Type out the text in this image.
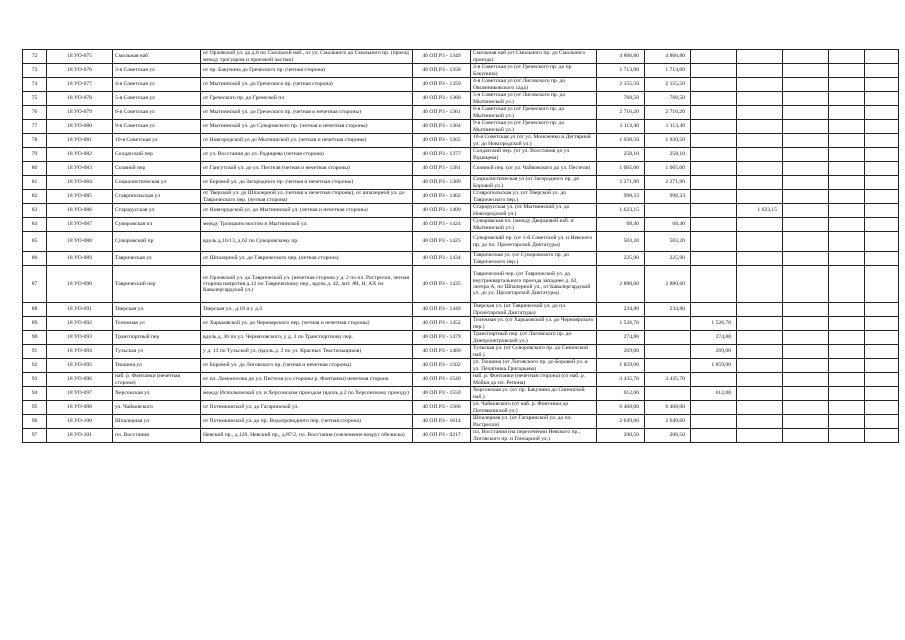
72	18 УО-075	Смольная наб	от Орловской ул. до д.6 по Смольной наб., от ул. Смольного до Смольного пр. (проезд между трогуаром и проезжей частью)	40 ОП РЗ - 1349	Смольная наб (от Смольного пр. до Смольного проезда)	4 866,80	4 866,80					
73	18 УО-076	3-я Советская ул	от пр. Бакунина до Греческого пр. (четная сторона)	40 ОП РЗ - 1358	3-я Советская ул (от Греческого пр. до пр Бакунина)	1 713,00	1 713,00					
74	18 УО-077	4-я Советская ул	от Мытнинской ул. до Греческого пр. (четная сторона)	40 ОП РЗ - 1359	4-я Советская ул (от Лиговского пр. до Овсянниковского сада)	2 155,50	2 155,50					
75	18 УО-078	5-я Советская ул	от Греческого пр. до Греческой пл	40 ОП РЗ - 1360	5-я Советская ул (от Лиговского пр. до Мытнинской ул.)	768,50	768,50					
76	18 УО-079	6-я Советская ул	от Мытнинской ул. до Греческого пр. (четная и нечетная стороны)	40 ОП РЗ - 1361	6-я Советская ул (от Греческого пр. до Мытнинской ул.)	2 716,20	2 716,20					
77	18 УО-080	9-я Советская ул	от Мытнинской ул. до Суворовского пр. (четная и нечетная стороны)	40 ОП РЗ - 1364	9-я Советская ул (от Греческого пр. до Мытнинской ул.)	1 113,40	1 113,40					
78	18 УО-081	10-я Советская ул	от Новгородской ул до Мытнинской ул. (четная и нечетная стороны)	40 ОП РЗ - 1365	10-я Советская ул (от ул. Моисеенко и Дегтярной ул. до Новгородской ул.)	1 030,50	1 030,50					
79	18 УО-082	Солдатский пер	от ул. Восстания до ул. Радищева (четная сторона)	40 ОП РЗ - 1377	Солдатский пер. (от ул. Восстания до ул Радищева)	258,10	258,10					
80	18 УО-083	Соляной пер	от Гангутской ул. до ул. Пестеля (четная и нечетная стороны)	40 ОП РЗ - 1381	Соляной пер. (от ул. Чайковского до ул. Пестеля)	1 065,00	1 065,00					
81	18 УО-084	Социалистическая ул	от Боровой ул. до Загородного пр. (четная и нечетная стороны)	40 ОП РЗ - 1389	Социалистическая ул (от Загородного пр. до Боровой ул.)	2 271,90	2 271,90					
82	18 УО-085	Ставропольская ул	от Тверской ул. до Шпалерной ул. (четная и нечетная стороны), от шпалерной ул. до Таврического пер. (четная сторона)	40 ОП РЗ - 1402	Ставропольская ул. (от Тверской ул. до Таврического пер.)	998,33	998,33					
83	18 УО-086	Старорусская ул	от Новгородской ул. до Мытнинской ул. (четная и нечетная стороны)	40 ОП РЗ - 1409	Старорусская ул. (от Мытнинской ул. до Новгородской ул.)	1 623,15			1 623,15			
84	18 УО-087	Суворовская пл	между Троицким мостом и Мытнинской ул.	40 ОП РЗ - 1424	Суворовская пл. (между Дворцовой наб. и Мытнинской ул.)	68,40	68,40					
85	18 УО-088	Суворовский пр	вдоль д.16/13, д.62 по Суворовскому пр.	40 ОП РЗ - 1425	Суворовский пр. (от 1-й Советской ул. и Невского пр. до пл. Пролетарской Диктатуры)	503,20	503,20					
86	18 УО-089	Таврическая ул	от Шпалерной ул. до Таврического пер. (четная сторона)	40 ОП РЗ - 1434	Таврическая ул. (от Суворовского пр. до Таврического пер.)	225,90	225,90					
87	18 УО-090	Таврический пер	от Орловской ул. до Таврической ул. (нечетная сторона у д. 2 по пл. Растрелли, четная сторона напротив д.12 по Таврическому пер., вдоль д. 42, лит. АЧ, Н, АХ по Кавалергардской ул.)	40 ОП РЗ - 1435	Таврический пер. (от Таврической ул. до внутриквартального проезда западнее д. 62, литера А, по Шпалерной ул., от Кавалергардской ул. до ул. Пролетарской Диктатуры)	2 880,60	2 880,60					
88	18 УО-091	Тверская ул.	Тверская ул., д.18 и у д.3	40 ОП РЗ - 1449	Тверская ул. (от Таврической ул. до пл. Пролетарской Диктатуры)	234,80	234,80					
89	18 УО-092	Тележная ул	от Харьковской ул. до Черноярского пер. (четная и нечетная стороны)	40 ОП РЗ - 1452	Тележная ул. (от Харьковской ул. до Черноярского пер.)	1 526,70		1 526,70				
90	18 УО-093	Транспортный пер	вдоль д. 36 по ул. Черняховского, у д. 3 по Транспортному пер.	40 ОП РЗ - 1479	Транспортный пер. (от Лиговского пр. до Днепропетровской ул.)	274,80		274,80				
91	18 УО-094	Тульская ул	у д. 13 по Тульской ул. (вдоль д. 2 по ул. Красных Текстильщиков)	40 ОП РЗ - 1489	Тульская ул. (от Суворовского пр. до Синопской наб.)	269,00		269,00				
92	18 УО-095	Тюшина ул	от Боровой ул. до Лиговского пр. (четная и нечетная стороны)	40 ОП РЗ - 1502	ул. Тюшина (от Лиговского пр. до Боровой ул. и ул. Печатника Григорьева)	1 859,00		1 859,00				
93	18 УО-096	наб. р. Фонтанки (нечетная сторона)	от пл. Ломоносова до ул. Пестеля (со стороны р. Фонтанки) нечетная сторона	40 ОП РЗ - 1540	наб. р. Фонтанки (нечетная сторона) (от наб. р. Мойки до пл. Репина)	3 435,70	3 435,70					
94	18 УО-097	Херсонская ул	между Исполкомской ул. и Херсонским проездом (вдоль д.2 по Херсонскому проезду)	40 ОП РЗ - 1550	Херсонская ул. (от пр. Бакунина до Синопской наб.)	612,00		612,00				
95	18 УО-098	ул. Чайковского	от Потемкинской ул. до Гагаринской ул.	40 ОП РЗ - 1566	ул. Чайковского (от наб. р. Фонтанки до Потемкинской ул.)	6 468,00	6 468,00					
96	18 УО-100	Шпалерная ул	от Потемкинской ул. до пр. Водопроводного пер. (четная сторона)	40 ОП РЗ - 1614	Шпалерная ул. (от Гагаринской ул. до пл. Растрелли)	2 649,60	2 649,60					
97	18 УО-101	пл. Восстания	Невский пр., д.120, Невский пр., д.87/2, пл. Восстания (озеленение вокруг обелиска)	40 ОП РЗ - 0217	пл. Восстания (на пересечении Невского пр., Лиговского пр. и Гончарной ул.)	200,50	200,50					
